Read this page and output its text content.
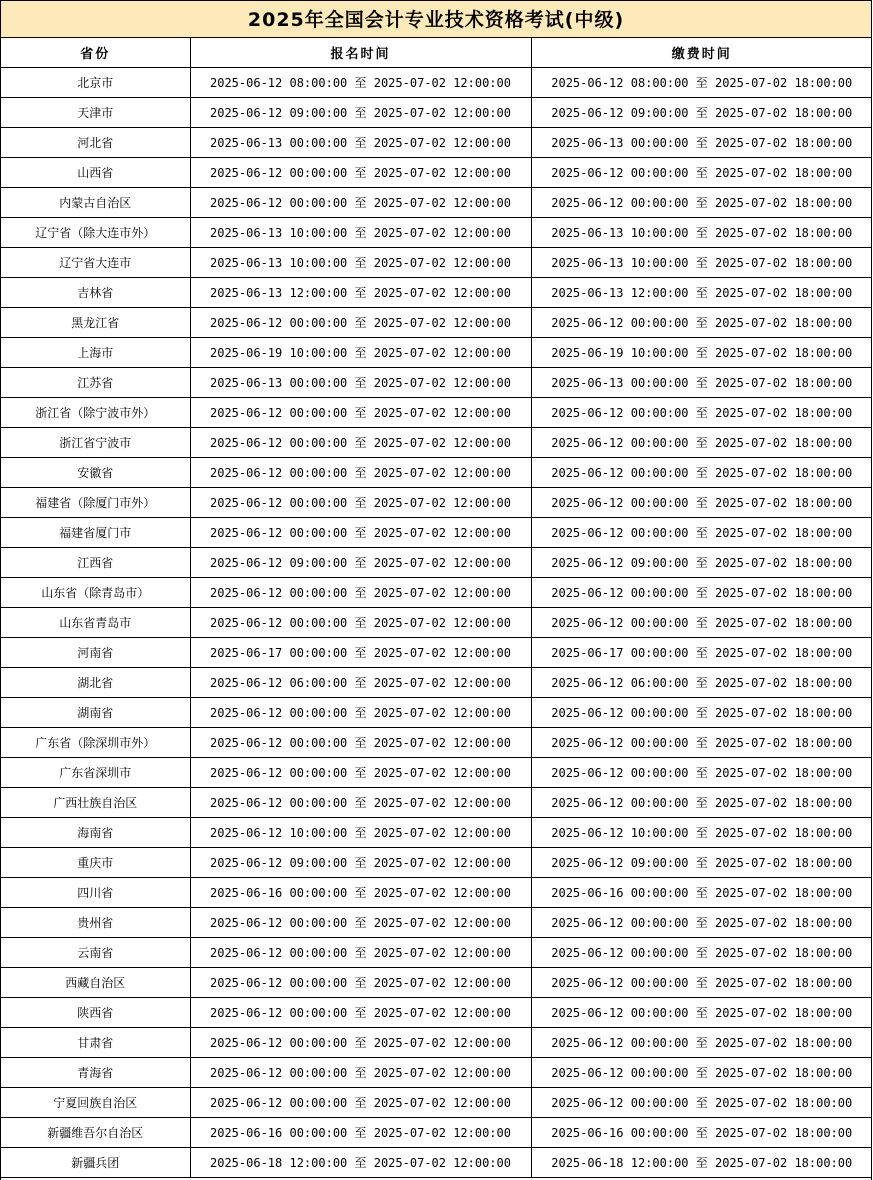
2025年全国会计专业技术资格考试(中级)
省份	报名时间	缴费时间
北京市	2025-06-12 08:00:00 至 2025-07-02 12:00:00	2025-06-12 08:00:00 至 2025-07-02 18:00:00
天津市	2025-06-12 09:00:00 至 2025-07-02 12:00:00	2025-06-12 09:00:00 至 2025-07-02 18:00:00
河北省	2025-06-13 00:00:00 至 2025-07-02 12:00:00	2025-06-13 00:00:00 至 2025-07-02 18:00:00
山西省	2025-06-12 00:00:00 至 2025-07-02 12:00:00	2025-06-12 00:00:00 至 2025-07-02 18:00:00
内蒙古自治区	2025-06-12 00:00:00 至 2025-07-02 12:00:00	2025-06-12 00:00:00 至 2025-07-02 18:00:00
辽宁省（除大连市外）	2025-06-13 10:00:00 至 2025-07-02 12:00:00	2025-06-13 10:00:00 至 2025-07-02 18:00:00
辽宁省大连市	2025-06-13 10:00:00 至 2025-07-02 12:00:00	2025-06-13 10:00:00 至 2025-07-02 18:00:00
吉林省	2025-06-13 12:00:00 至 2025-07-02 12:00:00	2025-06-13 12:00:00 至 2025-07-02 18:00:00
黑龙江省	2025-06-12 00:00:00 至 2025-07-02 12:00:00	2025-06-12 00:00:00 至 2025-07-02 18:00:00
上海市	2025-06-19 10:00:00 至 2025-07-02 12:00:00	2025-06-19 10:00:00 至 2025-07-02 18:00:00
江苏省	2025-06-13 00:00:00 至 2025-07-02 12:00:00	2025-06-13 00:00:00 至 2025-07-02 18:00:00
浙江省（除宁波市外）	2025-06-12 00:00:00 至 2025-07-02 12:00:00	2025-06-12 00:00:00 至 2025-07-02 18:00:00
浙江省宁波市	2025-06-12 00:00:00 至 2025-07-02 12:00:00	2025-06-12 00:00:00 至 2025-07-02 18:00:00
安徽省	2025-06-12 00:00:00 至 2025-07-02 12:00:00	2025-06-12 00:00:00 至 2025-07-02 18:00:00
福建省（除厦门市外）	2025-06-12 00:00:00 至 2025-07-02 12:00:00	2025-06-12 00:00:00 至 2025-07-02 18:00:00
福建省厦门市	2025-06-12 00:00:00 至 2025-07-02 12:00:00	2025-06-12 00:00:00 至 2025-07-02 18:00:00
江西省	2025-06-12 09:00:00 至 2025-07-02 12:00:00	2025-06-12 09:00:00 至 2025-07-02 18:00:00
山东省（除青岛市）	2025-06-12 00:00:00 至 2025-07-02 12:00:00	2025-06-12 00:00:00 至 2025-07-02 18:00:00
山东省青岛市	2025-06-12 00:00:00 至 2025-07-02 12:00:00	2025-06-12 00:00:00 至 2025-07-02 18:00:00
河南省	2025-06-17 00:00:00 至 2025-07-02 12:00:00	2025-06-17 00:00:00 至 2025-07-02 18:00:00
湖北省	2025-06-12 06:00:00 至 2025-07-02 12:00:00	2025-06-12 06:00:00 至 2025-07-02 18:00:00
湖南省	2025-06-12 00:00:00 至 2025-07-02 12:00:00	2025-06-12 00:00:00 至 2025-07-02 18:00:00
广东省（除深圳市外）	2025-06-12 00:00:00 至 2025-07-02 12:00:00	2025-06-12 00:00:00 至 2025-07-02 18:00:00
广东省深圳市	2025-06-12 00:00:00 至 2025-07-02 12:00:00	2025-06-12 00:00:00 至 2025-07-02 18:00:00
广西壮族自治区	2025-06-12 00:00:00 至 2025-07-02 12:00:00	2025-06-12 00:00:00 至 2025-07-02 18:00:00
海南省	2025-06-12 10:00:00 至 2025-07-02 12:00:00	2025-06-12 10:00:00 至 2025-07-02 18:00:00
重庆市	2025-06-12 09:00:00 至 2025-07-02 12:00:00	2025-06-12 09:00:00 至 2025-07-02 18:00:00
四川省	2025-06-16 00:00:00 至 2025-07-02 12:00:00	2025-06-16 00:00:00 至 2025-07-02 18:00:00
贵州省	2025-06-12 00:00:00 至 2025-07-02 12:00:00	2025-06-12 00:00:00 至 2025-07-02 18:00:00
云南省	2025-06-12 00:00:00 至 2025-07-02 12:00:00	2025-06-12 00:00:00 至 2025-07-02 18:00:00
西藏自治区	2025-06-12 00:00:00 至 2025-07-02 12:00:00	2025-06-12 00:00:00 至 2025-07-02 18:00:00
陕西省	2025-06-12 00:00:00 至 2025-07-02 12:00:00	2025-06-12 00:00:00 至 2025-07-02 18:00:00
甘肃省	2025-06-12 00:00:00 至 2025-07-02 12:00:00	2025-06-12 00:00:00 至 2025-07-02 18:00:00
青海省	2025-06-12 00:00:00 至 2025-07-02 12:00:00	2025-06-12 00:00:00 至 2025-07-02 18:00:00
宁夏回族自治区	2025-06-12 00:00:00 至 2025-07-02 12:00:00	2025-06-12 00:00:00 至 2025-07-02 18:00:00
新疆维吾尔自治区	2025-06-16 00:00:00 至 2025-07-02 12:00:00	2025-06-16 00:00:00 至 2025-07-02 18:00:00
新疆兵团	2025-06-18 12:00:00 至 2025-07-02 12:00:00	2025-06-18 12:00:00 至 2025-07-02 18:00:00
